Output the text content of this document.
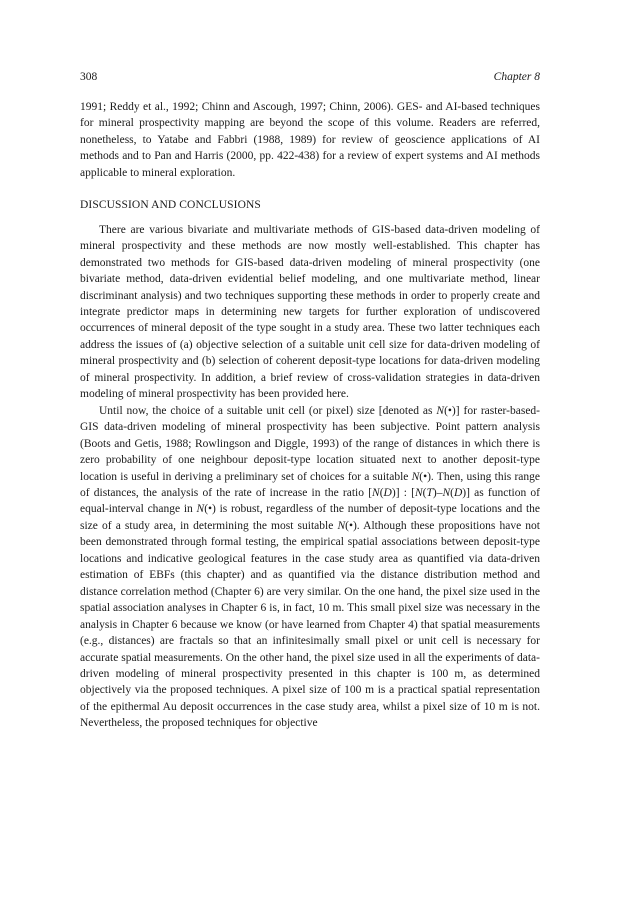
308	Chapter 8

1991; Reddy et al., 1992; Chinn and Ascough, 1997; Chinn, 2006). GES- and AI-based techniques for mineral prospectivity mapping are beyond the scope of this volume. Readers are referred, nonetheless, to Yatabe and Fabbri (1988, 1989) for review of geoscience applications of AI methods and to Pan and Harris (2000, pp. 422-438) for a review of expert systems and AI methods applicable to mineral exploration.

DISCUSSION AND CONCLUSIONS

There are various bivariate and multivariate methods of GIS-based data-driven modeling of mineral prospectivity and these methods are now mostly well-established. This chapter has demonstrated two methods for GIS-based data-driven modeling of mineral prospectivity (one bivariate method, data-driven evidential belief modeling, and one multivariate method, linear discriminant analysis) and two techniques supporting these methods in order to properly create and integrate predictor maps in determining new targets for further exploration of undiscovered occurrences of mineral deposit of the type sought in a study area. These two latter techniques each address the issues of (a) objective selection of a suitable unit cell size for data-driven modeling of mineral prospectivity and (b) selection of coherent deposit-type locations for data-driven modeling of mineral prospectivity. In addition, a brief review of cross-validation strategies in data-driven modeling of mineral prospectivity has been provided here.

Until now, the choice of a suitable unit cell (or pixel) size [denoted as N(•)] for raster-based-GIS data-driven modeling of mineral prospectivity has been subjective. Point pattern analysis (Boots and Getis, 1988; Rowlingson and Diggle, 1993) of the range of distances in which there is zero probability of one neighbour deposit-type location situated next to another deposit-type location is useful in deriving a preliminary set of choices for a suitable N(•). Then, using this range of distances, the analysis of the rate of increase in the ratio [N(D)] : [N(T)–N(D)] as function of equal-interval change in N(•) is robust, regardless of the number of deposit-type locations and the size of a study area, in determining the most suitable N(•). Although these propositions have not been demonstrated through formal testing, the empirical spatial associations between deposit-type locations and indicative geological features in the case study area as quantified via data-driven estimation of EBFs (this chapter) and as quantified via the distance distribution method and distance correlation method (Chapter 6) are very similar. On the one hand, the pixel size used in the spatial association analyses in Chapter 6 is, in fact, 10 m. This small pixel size was necessary in the analysis in Chapter 6 because we know (or have learned from Chapter 4) that spatial measurements (e.g., distances) are fractals so that an infinitesimally small pixel or unit cell is necessary for accurate spatial measurements. On the other hand, the pixel size used in all the experiments of data-driven modeling of mineral prospectivity presented in this chapter is 100 m, as determined objectively via the proposed techniques. A pixel size of 100 m is a practical spatial representation of the epithermal Au deposit occurrences in the case study area, whilst a pixel size of 10 m is not. Nevertheless, the proposed techniques for objective
